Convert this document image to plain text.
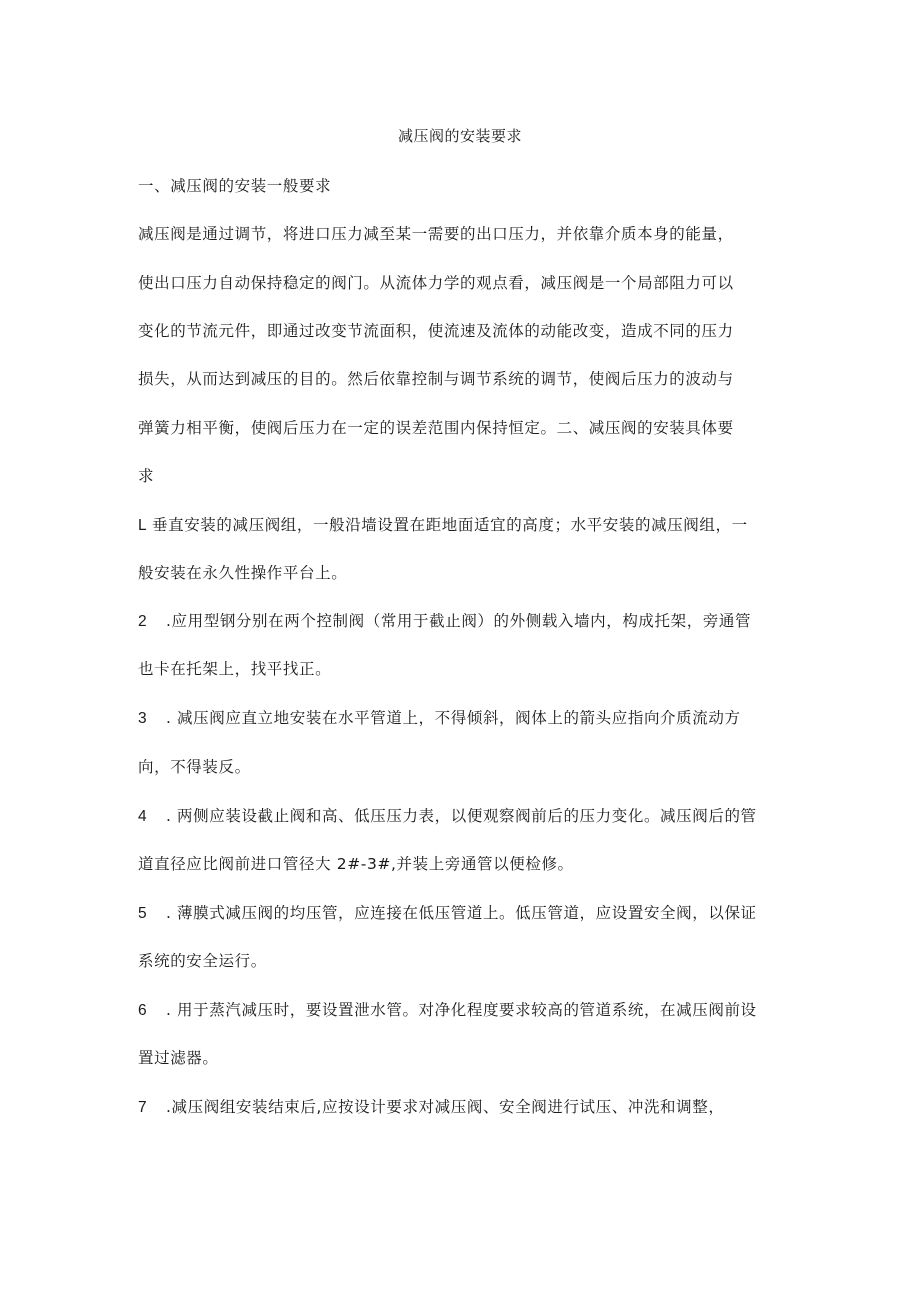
减压阀的安装要求
一、减压阀的安装一般要求
减压阀是通过调节，将进口压力减至某一需要的出口压力，并依靠介质本身的能量，
使出口压力自动保持稳定的阀门。从流体力学的观点看，减压阀是一个局部阻力可以
变化的节流元件，即通过改变节流面积，使流速及流体的动能改变，造成不同的压力
损失，从而达到减压的目的。然后依靠控制与调节系统的调节，使阀后压力的波动与
弹簧力相平衡，使阀后压力在一定的误差范围内保持恒定。二、减压阀的安装具体要
求
L 垂直安装的减压阀组，一般沿墙设置在距地面适宜的高度；水平安装的减压阀组，一
般安装在永久性操作平台上。
2 .应用型钢分别在两个控制阀（常用于截止阀）的外侧载入墙内，构成托架，旁通管
也卡在托架上，找平找正。
3 . 减压阀应直立地安装在水平管道上，不得倾斜，阀体上的箭头应指向介质流动方
向，不得装反。
4 . 两侧应装设截止阀和高、低压压力表，以便观察阀前后的压力变化。减压阀后的管
道直径应比阀前进口管径大 2#-3#,并装上旁通管以便检修。
5 . 薄膜式减压阀的均压管，应连接在低压管道上。低压管道，应设置安全阀，以保证
系统的安全运行。
6 . 用于蒸汽减压时，要设置泄水管。对净化程度要求较高的管道系统，在减压阀前设
置过滤器。
7 .减压阀组安装结束后,应按设计要求对减压阀、安全阀进行试压、冲洗和调整，
